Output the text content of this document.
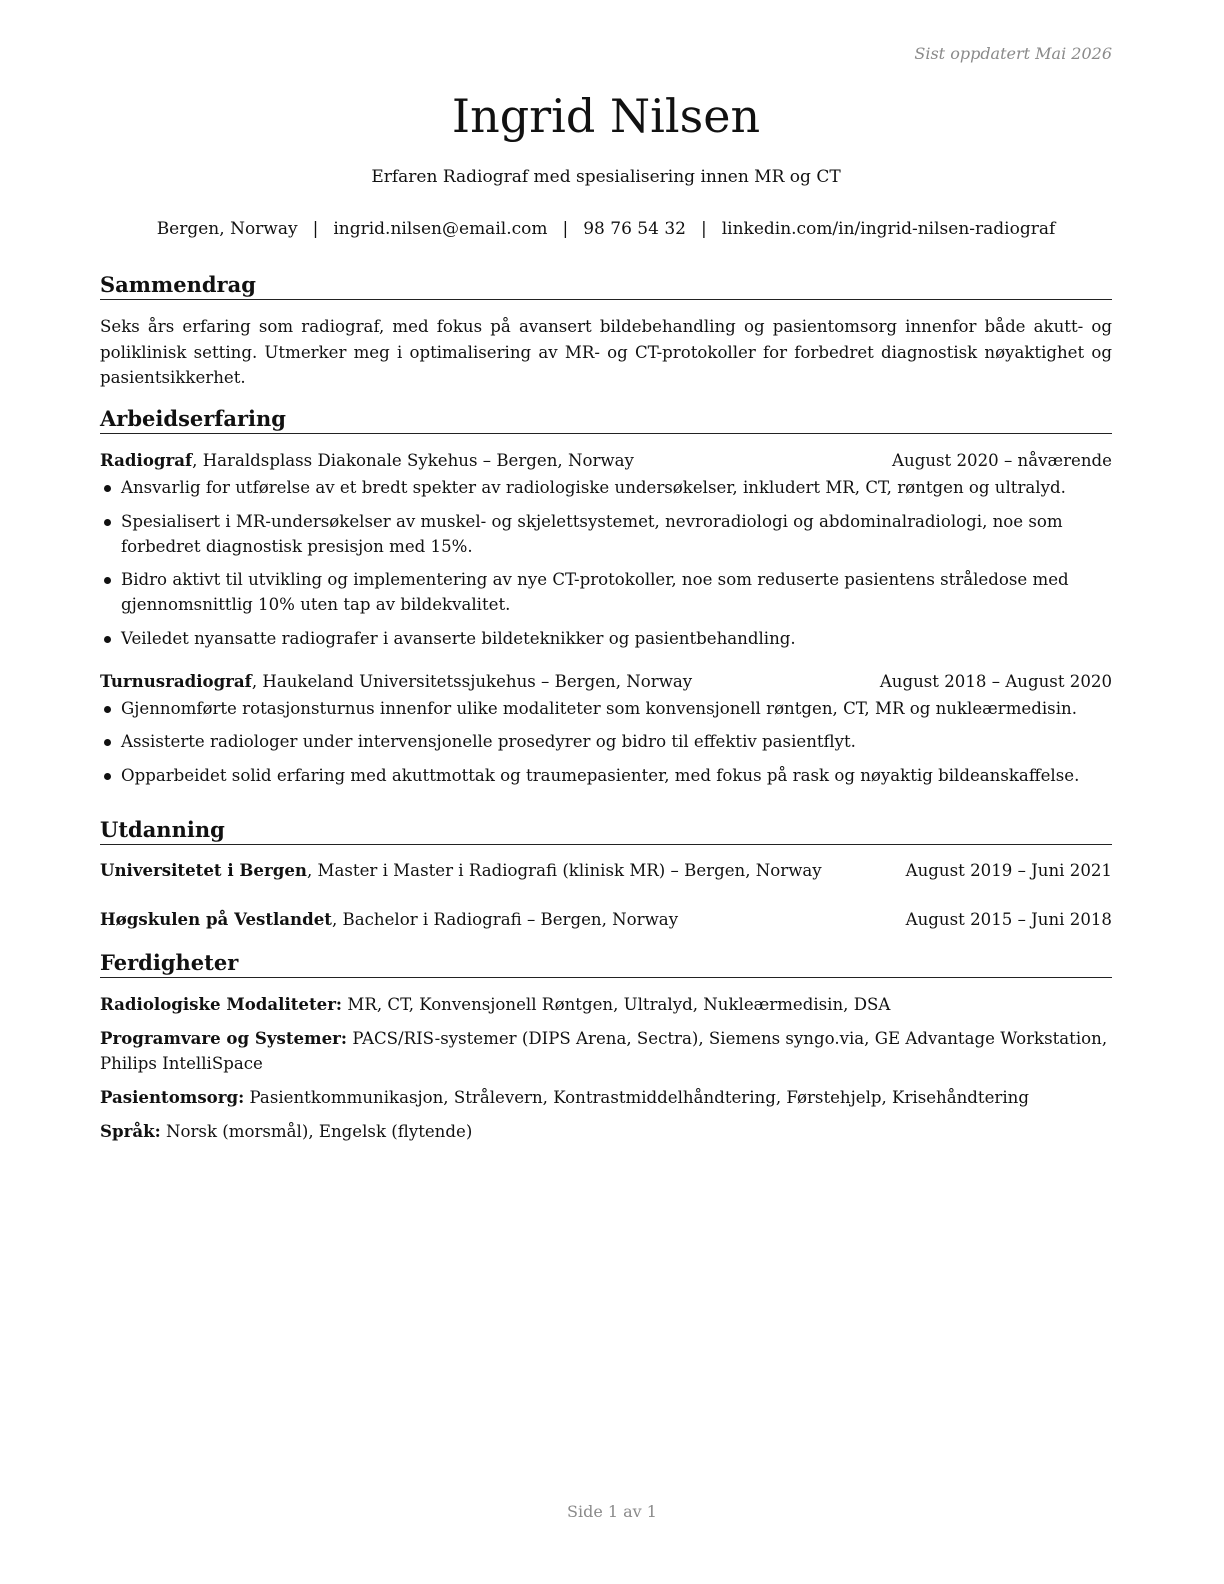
Sist oppdatert Mai 2026
Ingrid Nilsen
Erfaren Radiograf med spesialisering innen MR og CT
Bergen, Norway | ingrid.nilsen@email.com | 98 76 54 32 | linkedin.com/in/ingrid-nilsen-radiograf
Sammendrag
Seks års erfaring som radiograf, med fokus på avansert bildebehandling og pasientomsorg innenfor både akutt- og poliklinisk setting. Utmerker meg i optimalisering av MR- og CT-protokoller for forbedret diagnostisk nøyaktighet og pasientsikkerhet.
Arbeidserfaring
Radiograf, Haraldsplass Diakonale Sykehus – Bergen, Norway	August 2020 – nåværende
Ansvarlig for utførelse av et bredt spekter av radiologiske undersøkelser, inkludert MR, CT, røntgen og ultralyd.
Spesialisert i MR-undersøkelser av muskel- og skjelettsystemet, nevroradiologi og abdominalradiologi, noe som forbedret diagnostisk presisjon med 15%.
Bidro aktivt til utvikling og implementering av nye CT-protokoller, noe som reduserte pasientens stråledose med gjennomsnittlig 10% uten tap av bildekvalitet.
Veiledet nyansatte radiografer i avanserte bildeteknikker og pasientbehandling.
Turnusradiograf, Haukeland Universitetssjukehus – Bergen, Norway	August 2018 – August 2020
Gjennomførte rotasjonsturnus innenfor ulike modaliteter som konvensjonell røntgen, CT, MR og nukleærmedisin.
Assisterte radiologer under intervensjonelle prosedyrer og bidro til effektiv pasientflyt.
Opparbeidet solid erfaring med akuttmottak og traumepasienter, med fokus på rask og nøyaktig bildeanskaffelse.
Utdanning
Universitetet i Bergen, Master i Master i Radiografi (klinisk MR) – Bergen, Norway	August 2019 – Juni 2021
Høgskulen på Vestlandet, Bachelor i Radiografi – Bergen, Norway	August 2015 – Juni 2018
Ferdigheter
Radiologiske Modaliteter: MR, CT, Konvensjonell Røntgen, Ultralyd, Nukleærmedisin, DSA
Programvare og Systemer: PACS/RIS-systemer (DIPS Arena, Sectra), Siemens syngo.via, GE Advantage Workstation, Philips IntelliSpace
Pasientomsorg: Pasientkommunikasjon, Strålevern, Kontrastmiddelhåndtering, Førstehjelp, Krisehåndtering
Språk: Norsk (morsmål), Engelsk (flytende)
Side 1 av 1
